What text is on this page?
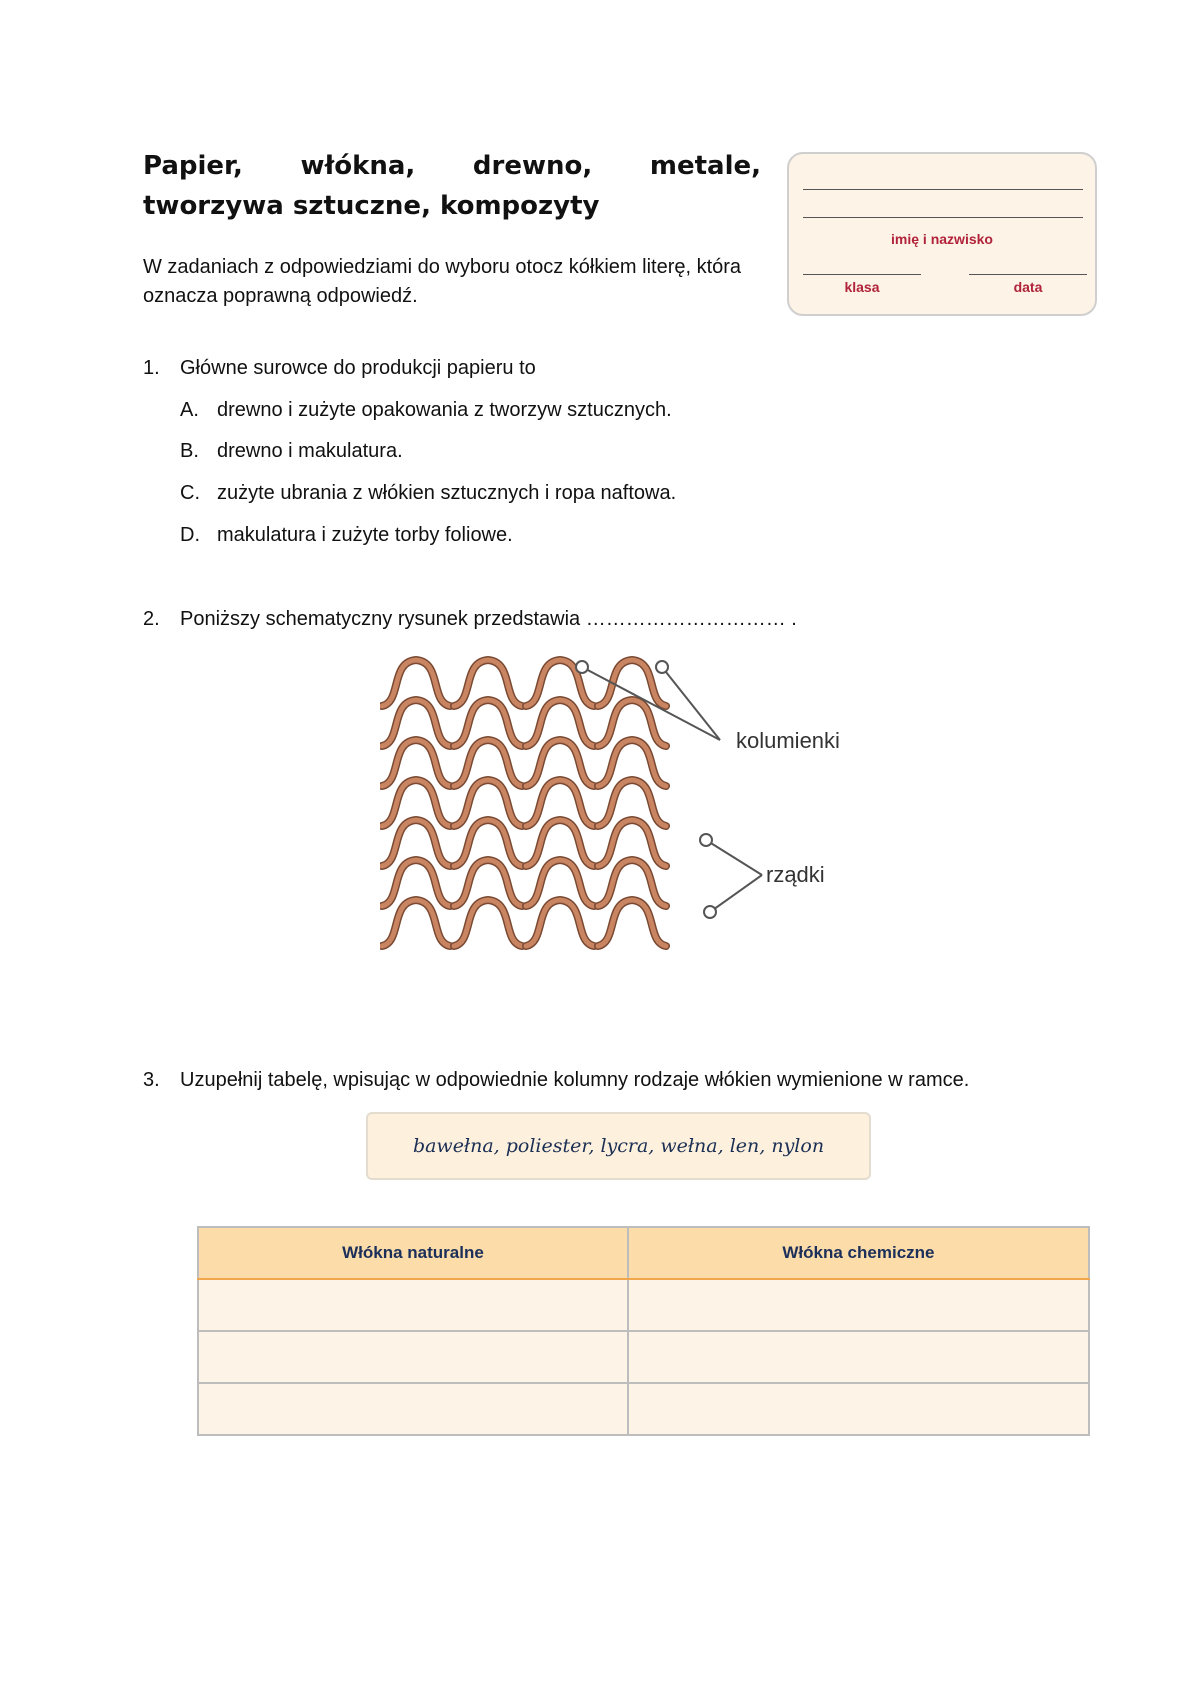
Papier, włókna, drewno, metale, tworzywa sztuczne, kompozyty
W zadaniach z odpowiedziami do wyboru otocz kółkiem literę, która oznacza poprawną odpowiedź.
imię i nazwisko
klasa	data
1. Główne surowce do produkcji papieru to
A. drewno i zużyte opakowania z tworzyw sztucznych.
B. drewno i makulatura.
C. zużyte ubrania z włókien sztucznych i ropa naftowa.
D. makulatura i zużyte torby foliowe.
2. Poniższy schematyczny rysunek przedstawia ………………………… .
kolumienki
rządki
3. Uzupełnij tabelę, wpisując w odpowiednie kolumny rodzaje włókien wymienione w ramce.
bawełna, poliester, lycra, wełna, len, nylon
Włókna naturalne	Włókna chemiczne
